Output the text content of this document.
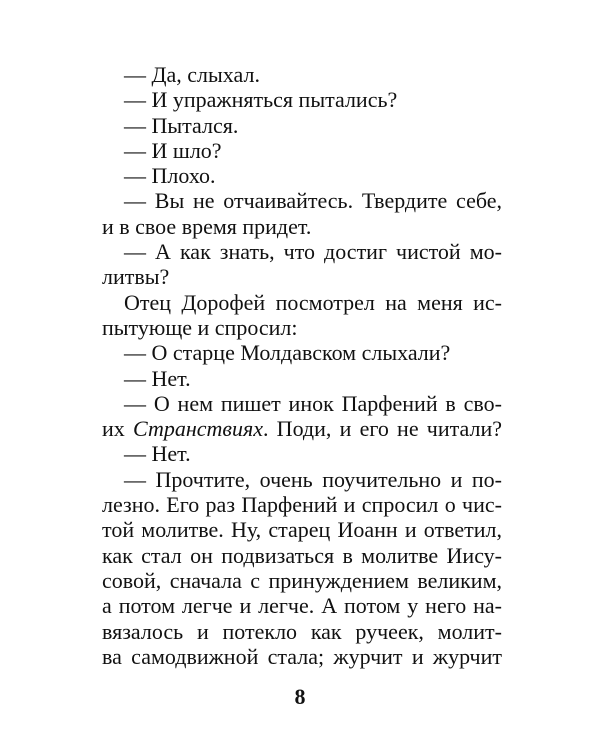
— Да, слыхал.
— И упражняться пытались?
— Пытался.
— И шло?
— Плохо.
— Вы не отчаивайтесь. Твердите себе,
и в свое время придет.
— А как знать, что достиг чистой мо-
литвы?
Отец Дорофей посмотрел на меня ис-
пытующе и спросил:
— О старце Молдавском слыхали?
— Нет.
— О нем пишет инок Парфений в сво-
их Странствиях. Поди, и его не читали?
— Нет.
— Прочтите, очень поучительно и по-
лезно. Его раз Парфений и спросил о чис-
той молитве. Ну, старец Иоанн и ответил,
как стал он подвизаться в молитве Иису-
совой, сначала с принуждением великим,
а потом легче и легче. А потом у него на-
вязалось и потекло как ручеек, молит-
ва самодвижной стала; журчит и журчит
8
